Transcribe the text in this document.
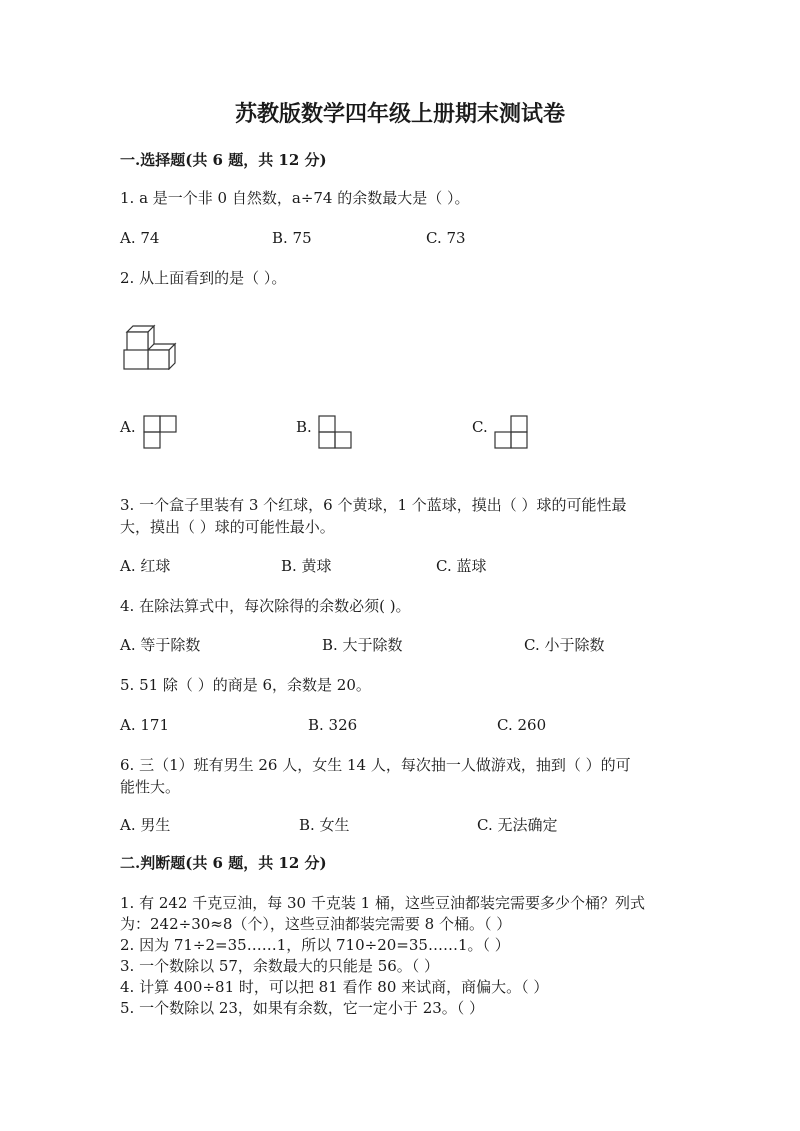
苏教版数学四年级上册期末测试卷
一.选择题(共 6 题，共 12 分)
1. a 是一个非 0 自然数，a÷74 的余数最大是（ ）。
A. 74	B. 75	C. 73
2. 从上面看到的是（ ）。
A.	B.	C.
3. 一个盒子里装有 3 个红球，6 个黄球，1 个蓝球，摸出（ ）球的可能性最
大，摸出（ ）球的可能性最小。
A. 红球	B. 黄球	C. 蓝球
4. 在除法算式中，每次除得的余数必须( )。
A. 等于除数	B. 大于除数	C. 小于除数
5. 51 除（ ）的商是 6，余数是 20。
A. 171	B. 326	C. 260
6. 三（1）班有男生 26 人，女生 14 人，每次抽一人做游戏，抽到（ ）的可
能性大。
A. 男生	B. 女生	C. 无法确定
二.判断题(共 6 题，共 12 分)
1. 有 242 千克豆油，每 30 千克装 1 桶，这些豆油都装完需要多少个桶？列式
为：242÷30≈8（个），这些豆油都装完需要 8 个桶。（ ）
2. 因为 71÷2=35……1，所以 710÷20=35……1。（ ）
3. 一个数除以 57，余数最大的只能是 56。（ ）
4. 计算 400÷81 时，可以把 81 看作 80 来试商，商偏大。（ ）
5. 一个数除以 23，如果有余数，它一定小于 23。（ ）
